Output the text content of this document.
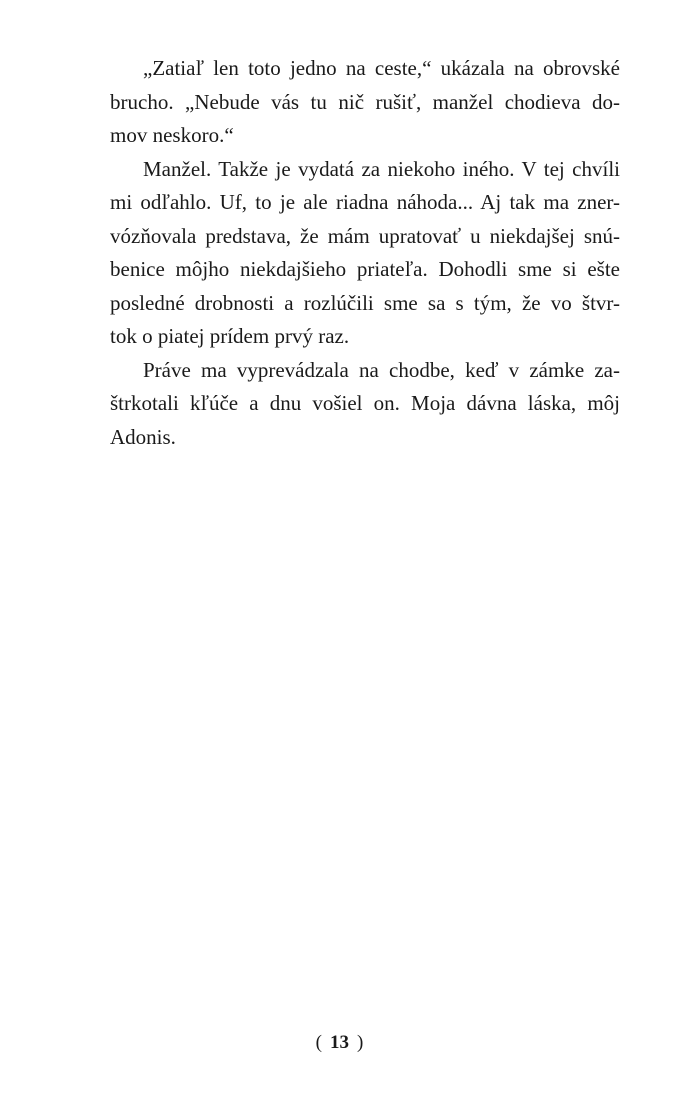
„Zatiaľ len toto jedno na ceste,“ ukázala na obrovské
brucho. „Nebude vás tu nič rušiť, manžel chodieva do-
mov neskoro.“

Manžel. Takže je vydatá za niekoho iného. V tej chvíli
mi odľahlo. Uf, to je ale riadna náhoda... Aj tak ma zner-
vózňovala predstava, že mám upratovať u niekdajšej snú-
benice môjho niekdajšieho priateľa. Dohodli sme si ešte
posledné drobnosti a rozlúčili sme sa s tým, že vo štvr-
tok o piatej prídem prvý raz.

Práve ma vyprevádzala na chodbe, keď v zámke za-
štrkotali kľúče a dnu vošiel on. Moja dávna láska, môj
Adonis.

( 13 )
